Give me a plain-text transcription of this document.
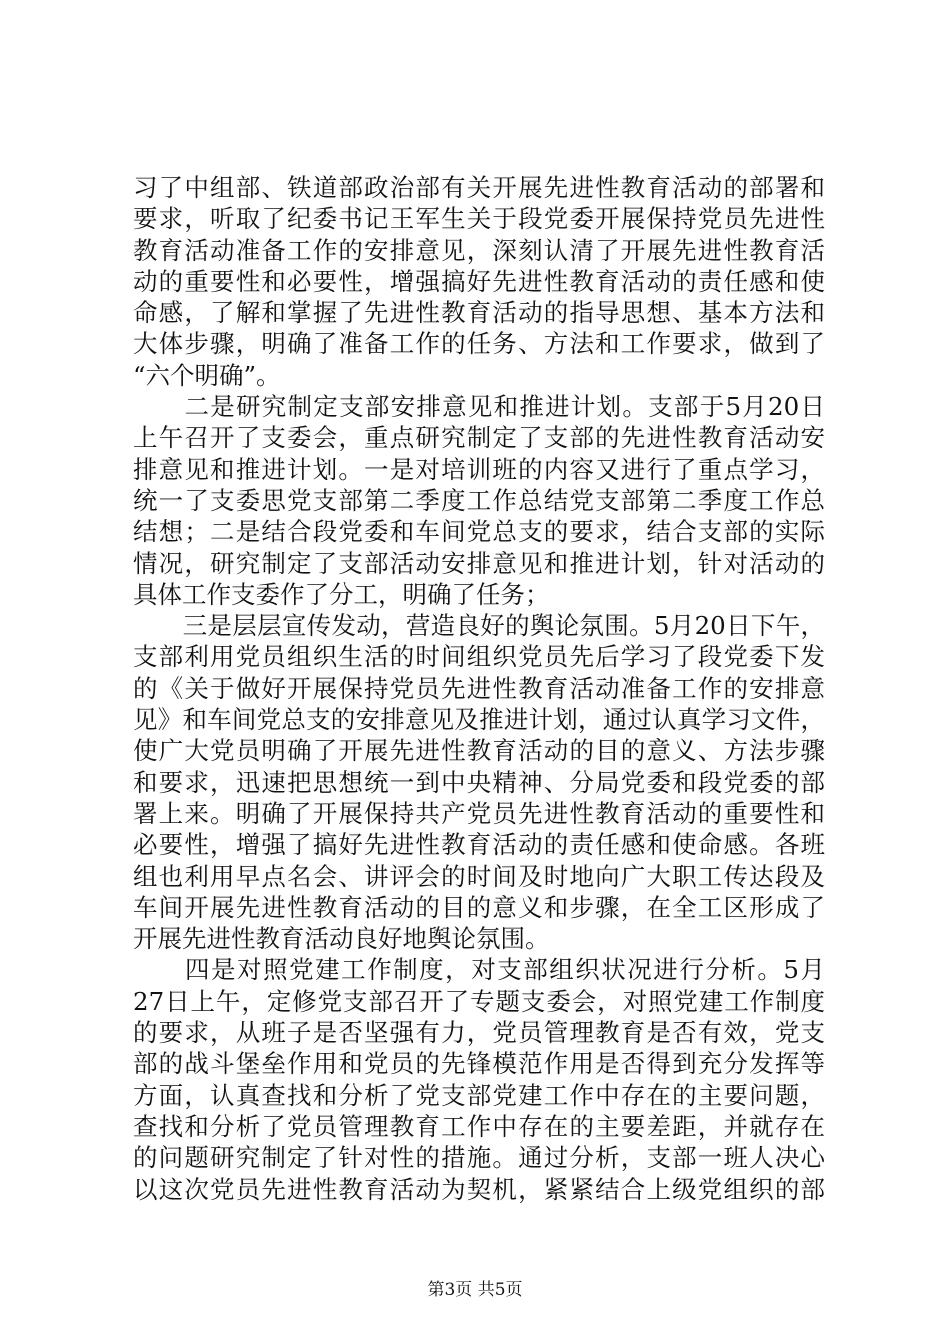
习了中组部、铁道部政治部有关开展先进性教育活动的部署和
要求，听取了纪委书记王军生关于段党委开展保持党员先进性
教育活动准备工作的安排意见，深刻认清了开展先进性教育活
动的重要性和必要性，增强搞好先进性教育活动的责任感和使
命感，了解和掌握了先进性教育活动的指导思想、基本方法和
大体步骤，明确了准备工作的任务、方法和工作要求，做到了
“六个明确”。
　　二是研究制定支部安排意见和推进计划。支部于5月20日
上午召开了支委会，重点研究制定了支部的先进性教育活动安
排意见和推进计划。一是对培训班的内容又进行了重点学习，
统一了支委思党支部第二季度工作总结党支部第二季度工作总
结想；二是结合段党委和车间党总支的要求，结合支部的实际
情况，研究制定了支部活动安排意见和推进计划，针对活动的
具体工作支委作了分工，明确了任务；
　　三是层层宣传发动，营造良好的舆论氛围。5月20日下午，
支部利用党员组织生活的时间组织党员先后学习了段党委下发
的《关于做好开展保持党员先进性教育活动准备工作的安排意
见》和车间党总支的安排意见及推进计划，通过认真学习文件，
使广大党员明确了开展先进性教育活动的目的意义、方法步骤
和要求，迅速把思想统一到中央精神、分局党委和段党委的部
署上来。明确了开展保持共产党员先进性教育活动的重要性和
必要性，增强了搞好先进性教育活动的责任感和使命感。各班
组也利用早点名会、讲评会的时间及时地向广大职工传达段及
车间开展先进性教育活动的目的意义和步骤，在全工区形成了
开展先进性教育活动良好地舆论氛围。
　　四是对照党建工作制度，对支部组织状况进行分析。5月
27日上午，定修党支部召开了专题支委会，对照党建工作制度
的要求，从班子是否坚强有力，党员管理教育是否有效，党支
部的战斗堡垒作用和党员的先锋模范作用是否得到充分发挥等
方面，认真查找和分析了党支部党建工作中存在的主要问题，
查找和分析了党员管理教育工作中存在的主要差距，并就存在
的问题研究制定了针对性的措施。通过分析，支部一班人决心
以这次党员先进性教育活动为契机，紧紧结合上级党组织的部
第3页 共5页
